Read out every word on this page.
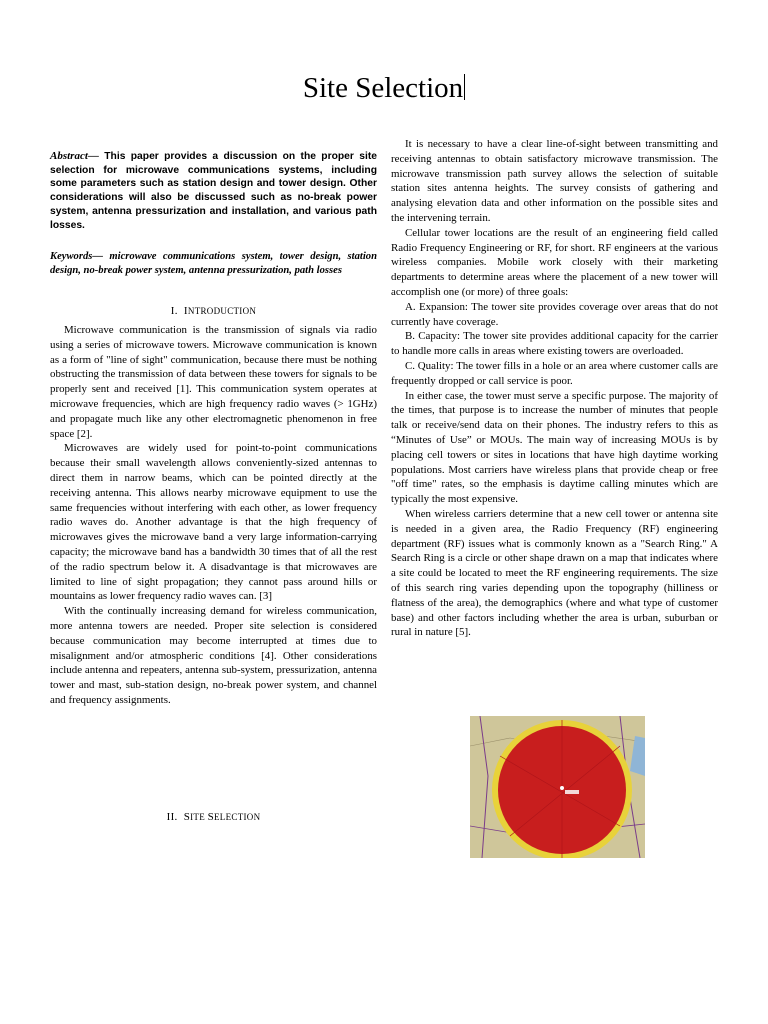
Site Selection
Abstract— This paper provides a discussion on the proper site selection for microwave communications systems, including some parameters such as station design and tower design. Other considerations will also be discussed such as no-break power system, antenna pressurization and installation, and various path losses.
Keywords— microwave communications system, tower design, station design, no-break power system, antenna pressurization, path losses
I. INTRODUCTION

Microwave communication is the transmission of signals via radio using a series of microwave towers. Microwave communication is known as a form of "line of sight" communication, because there must be nothing obstructing the transmission of data between these towers for signals to be properly sent and received [1]. This communication system operates at microwave frequencies, which are high frequency radio waves (> 1GHz) and propagate much like any other electromagnetic phenomenon in free space [2].

Microwaves are widely used for point-to-point communications because their small wavelength allows conveniently-sized antennas to direct them in narrow beams, which can be pointed directly at the receiving antenna. This allows nearby microwave equipment to use the same frequencies without interfering with each other, as lower frequency radio waves do. Another advantage is that the high frequency of microwaves gives the microwave band a very large information-carrying capacity; the microwave band has a bandwidth 30 times that of all the rest of the radio spectrum below it. A disadvantage is that microwaves are limited to line of sight propagation; they cannot pass around hills or mountains as lower frequency radio waves can. [3]

With the continually increasing demand for wireless communication, more antenna towers are needed. Proper site selection is considered because communication may become interrupted at times due to misalignment and/or atmospheric conditions [4]. Other considerations include antenna and repeaters, antenna sub-system, pressurization, antenna tower and mast, sub-station design, no-break power system, and channel and frequency assignments.

II. SITE SELECTION

It is necessary to have a clear line-of-sight between transmitting and receiving antennas to obtain satisfactory microwave transmission. The microwave transmission path survey allows the selection of suitable station sites antenna heights. The survey consists of gathering and analysing elevation data and other information on the possible sites and the intervening terrain.

Cellular tower locations are the result of an engineering field called Radio Frequency Engineering or RF, for short. RF engineers at the various wireless companies. Mobile work closely with their marketing departments to determine areas where the placement of a new tower will accomplish one (or more) of three goals:

A. Expansion: The tower site provides coverage over areas that do not currently have coverage.

B. Capacity: The tower site provides additional capacity for the carrier to handle more calls in areas where existing towers are overloaded.

C. Quality: The tower fills in a hole or an area where customer calls are frequently dropped or call service is poor.

In either case, the tower must serve a specific purpose. The majority of the times, that purpose is to increase the number of minutes that people talk or receive/send data on their phones. The industry refers to this as “Minutes of Use” or MOUs. The main way of increasing MOUs is by placing cell towers or sites in locations that have high daytime working populations. Most carriers have wireless plans that provide cheap or free "off time" rates, so the emphasis is daytime calling minutes which are typically the most expensive.

When wireless carriers determine that a new cell tower or antenna site is needed in a given area, the Radio Frequency (RF) engineering department (RF) issues what is commonly known as a "Search Ring." A Search Ring is a circle or other shape drawn on a map that indicates where a site could be located to meet the RF engineering requirements. The size of this search ring varies depending upon the topography (hilliness or flatness of the area), the demographics (where and what type of customer base) and other factors including whether the area is urban, suburban or rural in nature [5].
